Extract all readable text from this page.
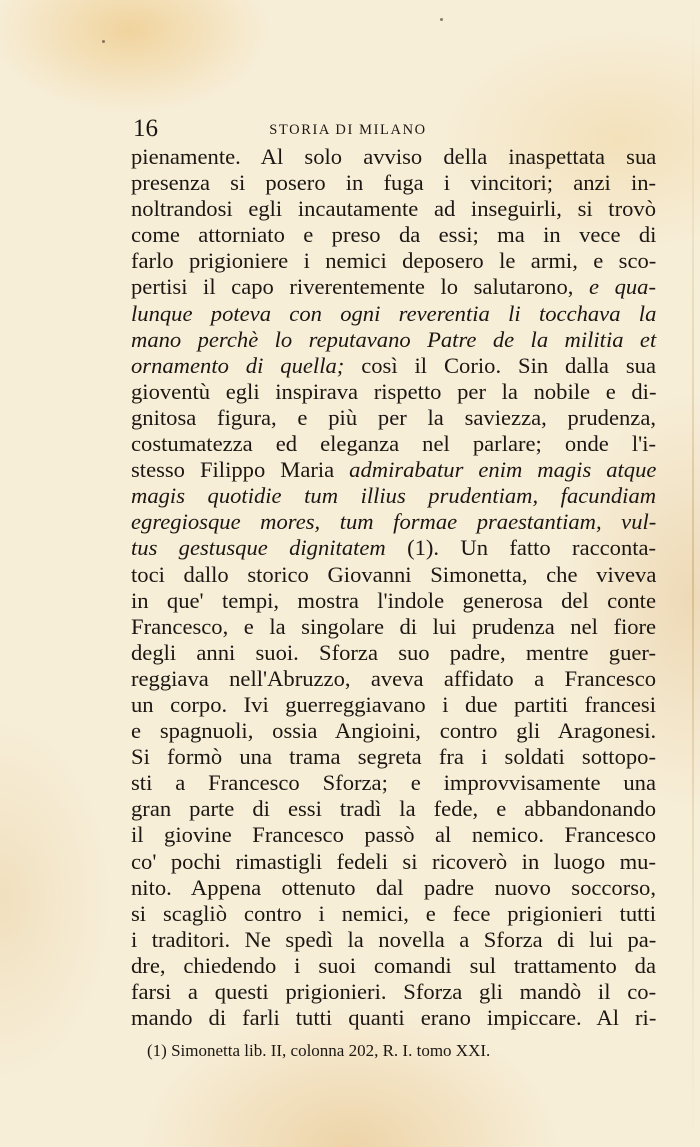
16	STORIA DI MILANO
pienamente. Al solo avviso della inaspettata sua
presenza si posero in fuga i vincitori; anzi in-
noltrandosi egli incautamente ad inseguirli, si trovò
come attorniato e preso da essi; ma in vece di
farlo prigioniere i nemici deposero le armi, e sco-
pertisi il capo riverentemente lo salutarono, e qua-
lunque poteva con ogni reverentia li tocchava la
mano perchè lo reputavano Patre de la militia et
ornamento di quella; così il Corio. Sin dalla sua
gioventù egli inspirava rispetto per la nobile e di-
gnitosa figura, e più per la saviezza, prudenza,
costumatezza ed eleganza nel parlare; onde l'i-
stesso Filippo Maria admirabatur enim magis atque
magis quotidie tum illius prudentiam, facundiam
egregiosque mores, tum formae praestantiam, vul-
tus gestusque dignitatem (1). Un fatto racconta-
toci dallo storico Giovanni Simonetta, che viveva
in que' tempi, mostra l'indole generosa del conte
Francesco, e la singolare di lui prudenza nel fiore
degli anni suoi. Sforza suo padre, mentre guer-
reggiava nell'Abruzzo, aveva affidato a Francesco
un corpo. Ivi guerreggiavano i due partiti francesi
e spagnuoli, ossia Angioini, contro gli Aragonesi.
Si formò una trama segreta fra i soldati sottopo-
sti a Francesco Sforza; e improvvisamente una
gran parte di essi tradì la fede, e abbandonando
il giovine Francesco passò al nemico. Francesco
co' pochi rimastigli fedeli si ricoverò in luogo mu-
nito. Appena ottenuto dal padre nuovo soccorso,
si scagliò contro i nemici, e fece prigionieri tutti
i traditori. Ne spedì la novella a Sforza di lui pa-
dre, chiedendo i suoi comandi sul trattamento da
farsi a questi prigionieri. Sforza gli mandò il co-
mando di farli tutti quanti erano impiccare. Al ri-
(1) Simonetta lib. II, colonna 202, R. I. tomo XXI.
